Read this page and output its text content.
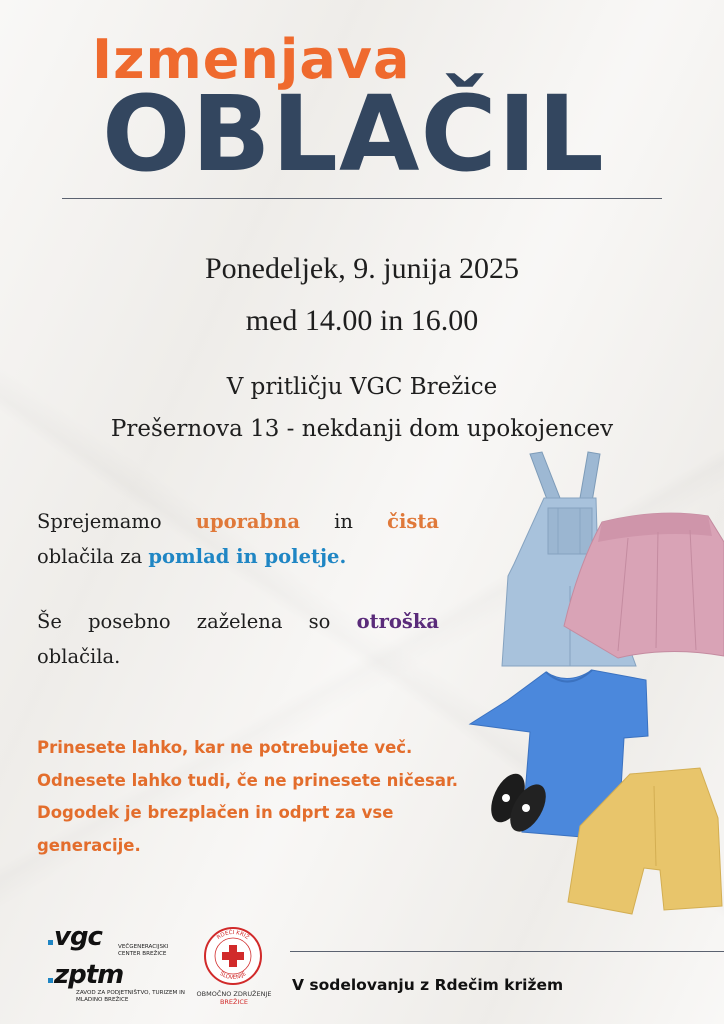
Izmenjava
OBLAČIL
Ponedeljek, 9. junija 2025
med 14.00 in 16.00
V pritličju VGC Brežice
Prešernova 13 - nekdanji dom upokojencev
Sprejemamo uporabna in čista
oblačila za pomlad in poletje.
Še posebno zaželena so otroška
oblačila.
Prinesete lahko, kar ne potrebujete več.
Odnesete lahko tudi, če ne prinesete ničesar.
Dogodek je brezplačen in odprt za vse generacije.
vgc	VEČGENERACIJSKI CENTER BREŽICE
zptm
ZAVOD ZA PODJETNIŠTVO, TURIZEM IN MLADINO BREŽICE
RDEČI KRIŽ
SLOVENIJE
OBMOČNO ZDRUŽENJE
BREŽICE
V sodelovanju z Rdečim križem
